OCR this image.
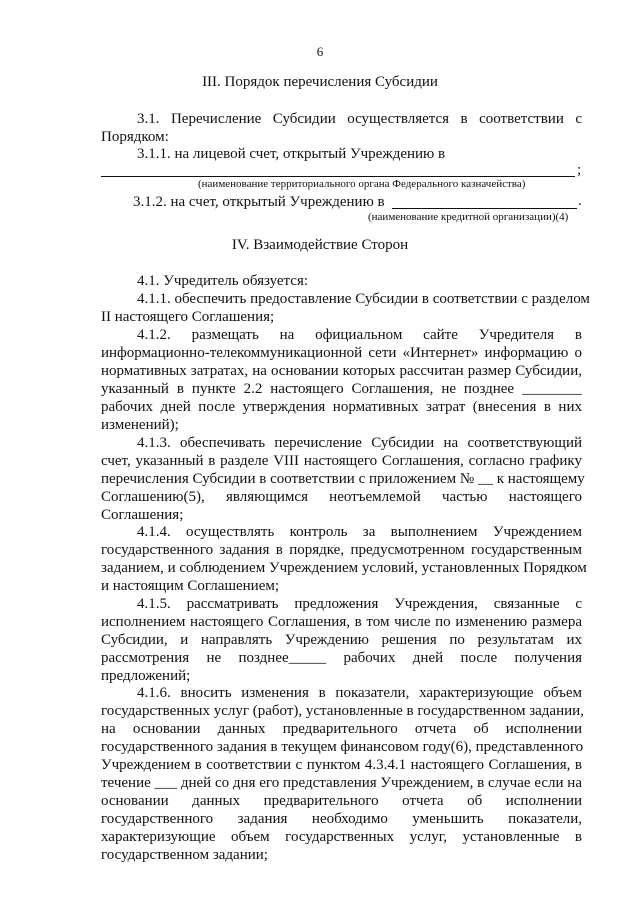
6
III. Порядок перечисления Субсидии
3.1. Перечисление Субсидии осуществляется в соответствии с
Порядком:
3.1.1. на лицевой счет, открытый Учреждению в
;
(наименование территориального органа Федерального казначейства)
3.1.2. на счет, открытый Учреждению в	.
(наименование кредитной организации)(4)
IV. Взаимодействие Сторон
4.1. Учредитель обязуется:
4.1.1. обеспечить предоставление Субсидии в соответствии с разделом
II настоящего Соглашения;
4.1.2. размещать на официальном сайте Учредителя в
информационно-телекоммуникационной сети «Интернет» информацию о
нормативных затратах, на основании которых рассчитан размер Субсидии,
указанный в пункте 2.2 настоящего Соглашения, не позднее ________
рабочих дней после утверждения нормативных затрат (внесения в них
изменений);
4.1.3. обеспечивать перечисление Субсидии на соответствующий
счет, указанный в разделе VIII настоящего Соглашения, согласно графику
перечисления Субсидии в соответствии с приложением № __ к настоящему
Соглашению(5), являющимся неотъемлемой частью настоящего
Соглашения;
4.1.4. осуществлять контроль за выполнением Учреждением
государственного задания в порядке, предусмотренном государственным
заданием, и соблюдением Учреждением условий, установленных Порядком
и настоящим Соглашением;
4.1.5. рассматривать предложения Учреждения, связанные с
исполнением настоящего Соглашения, в том числе по изменению размера
Субсидии, и направлять Учреждению решения по результатам их
рассмотрения не позднее_____ рабочих дней после получения
предложений;
4.1.6. вносить изменения в показатели, характеризующие объем
государственных услуг (работ), установленные в государственном задании,
на основании данных предварительного отчета об исполнении
государственного задания в текущем финансовом году(6), представленного
Учреждением в соответствии с пунктом 4.3.4.1 настоящего Соглашения, в
течение ___ дней со дня его представления Учреждением, в случае если на
основании данных предварительного отчета об исполнении
государственного задания необходимо уменьшить показатели,
характеризующие объем государственных услуг, установленные в
государственном задании;
